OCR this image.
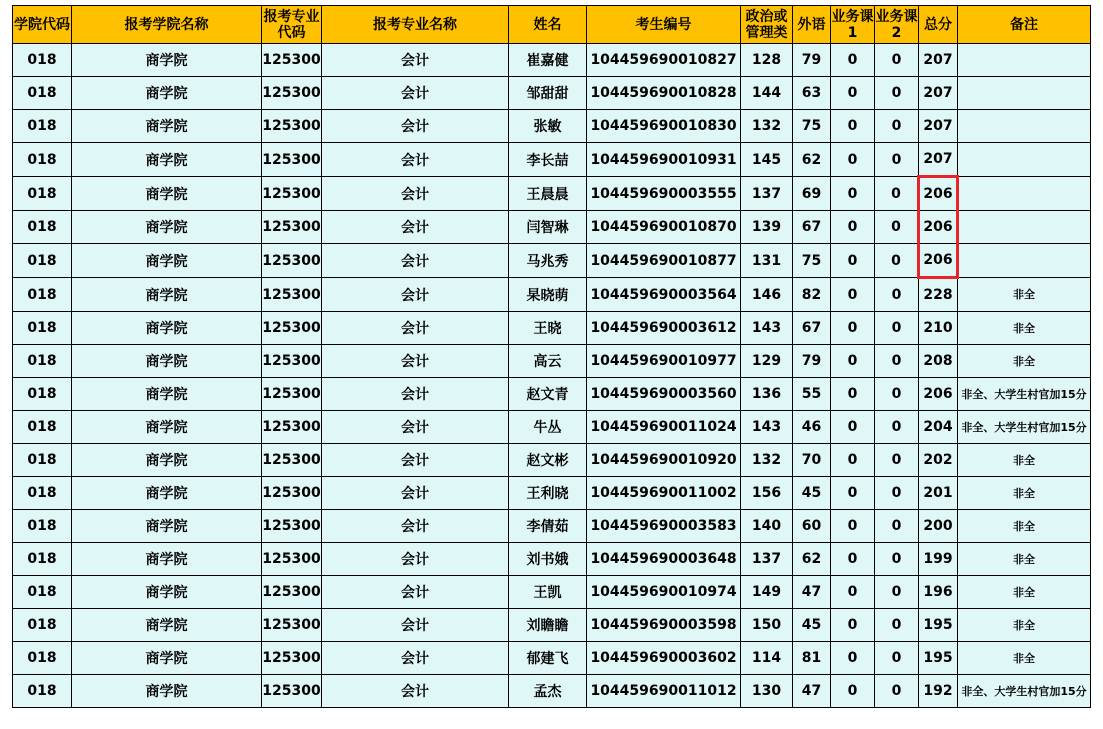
学院代码	报考学院名称	报考专业代码	报考专业名称	姓名	考生编号	政治或管理类	外语	业务课1	业务课2	总分	备注
018	商学院	125300	会计	崔嘉健	104459690010827	128	79	0	0	207	
018	商学院	125300	会计	邹甜甜	104459690010828	144	63	0	0	207	
018	商学院	125300	会计	张敏	104459690010830	132	75	0	0	207	
018	商学院	125300	会计	李长喆	104459690010931	145	62	0	0	207	
018	商学院	125300	会计	王晨晨	104459690003555	137	69	0	0	206	
018	商学院	125300	会计	闫智琳	104459690010870	139	67	0	0	206	
018	商学院	125300	会计	马兆秀	104459690010877	131	75	0	0	206	
018	商学院	125300	会计	杲晓萌	104459690003564	146	82	0	0	228	非全
018	商学院	125300	会计	王晓	104459690003612	143	67	0	0	210	非全
018	商学院	125300	会计	高云	104459690010977	129	79	0	0	208	非全
018	商学院	125300	会计	赵文青	104459690003560	136	55	0	0	206	非全、大学生村官加15分
018	商学院	125300	会计	牛丛	104459690011024	143	46	0	0	204	非全、大学生村官加15分
018	商学院	125300	会计	赵文彬	104459690010920	132	70	0	0	202	非全
018	商学院	125300	会计	王利晓	104459690011002	156	45	0	0	201	非全
018	商学院	125300	会计	李倩茹	104459690003583	140	60	0	0	200	非全
018	商学院	125300	会计	刘书娥	104459690003648	137	62	0	0	199	非全
018	商学院	125300	会计	王凯	104459690010974	149	47	0	0	196	非全
018	商学院	125300	会计	刘瞻瞻	104459690003598	150	45	0	0	195	非全
018	商学院	125300	会计	郁建飞	104459690003602	114	81	0	0	195	非全
018	商学院	125300	会计	孟杰	104459690011012	130	47	0	0	192	非全、大学生村官加15分
